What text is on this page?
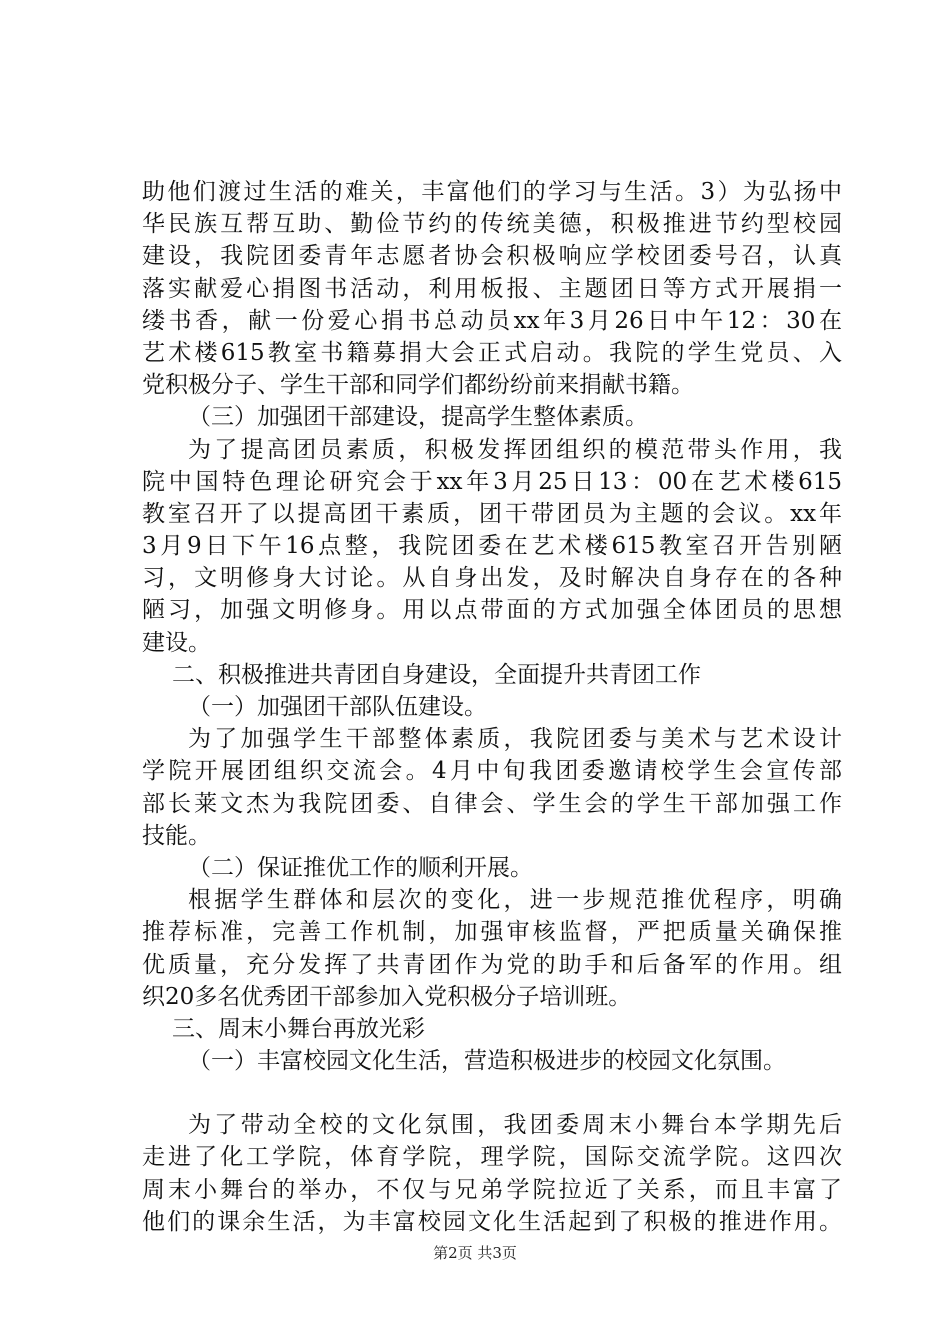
助他们渡过生活的难关，丰富他们的学习与生活。3）为弘扬中
华民族互帮互助、勤俭节约的传统美德，积极推进节约型校园
建设，我院团委青年志愿者协会积极响应学校团委号召，认真
落实献爱心捐图书活动，利用板报、主题团日等方式开展捐一
缕书香，献一份爱心捐书总动员xx年3月26日中午12：30在
艺术楼615教室书籍募捐大会正式启动。我院的学生党员、入
党积极分子、学生干部和同学们都纷纷前来捐献书籍。
（三）加强团干部建设，提高学生整体素质。
为了提高团员素质，积极发挥团组织的模范带头作用，我
院中国特色理论研究会于xx年3月25日13：00在艺术楼615
教室召开了以提高团干素质，团干带团员为主题的会议。xx年
3月9日下午16点整，我院团委在艺术楼615教室召开告别陋
习，文明修身大讨论。从自身出发，及时解决自身存在的各种
陋习，加强文明修身。用以点带面的方式加强全体团员的思想
建设。
二、积极推进共青团自身建设，全面提升共青团工作
（一）加强团干部队伍建设。
为了加强学生干部整体素质，我院团委与美术与艺术设计
学院开展团组织交流会。4月中旬我团委邀请校学生会宣传部
部长莱文杰为我院团委、自律会、学生会的学生干部加强工作
技能。
（二）保证推优工作的顺利开展。
根据学生群体和层次的变化，进一步规范推优程序，明确
推荐标准，完善工作机制，加强审核监督，严把质量关确保推
优质量，充分发挥了共青团作为党的助手和后备军的作用。组
织20多名优秀团干部参加入党积极分子培训班。
三、周末小舞台再放光彩
（一）丰富校园文化生活，营造积极进步的校园文化氛围。
为了带动全校的文化氛围，我团委周末小舞台本学期先后
走进了化工学院，体育学院，理学院，国际交流学院。这四次
周末小舞台的举办，不仅与兄弟学院拉近了关系，而且丰富了
他们的课余生活，为丰富校园文化生活起到了积极的推进作用。
第2页 共3页
